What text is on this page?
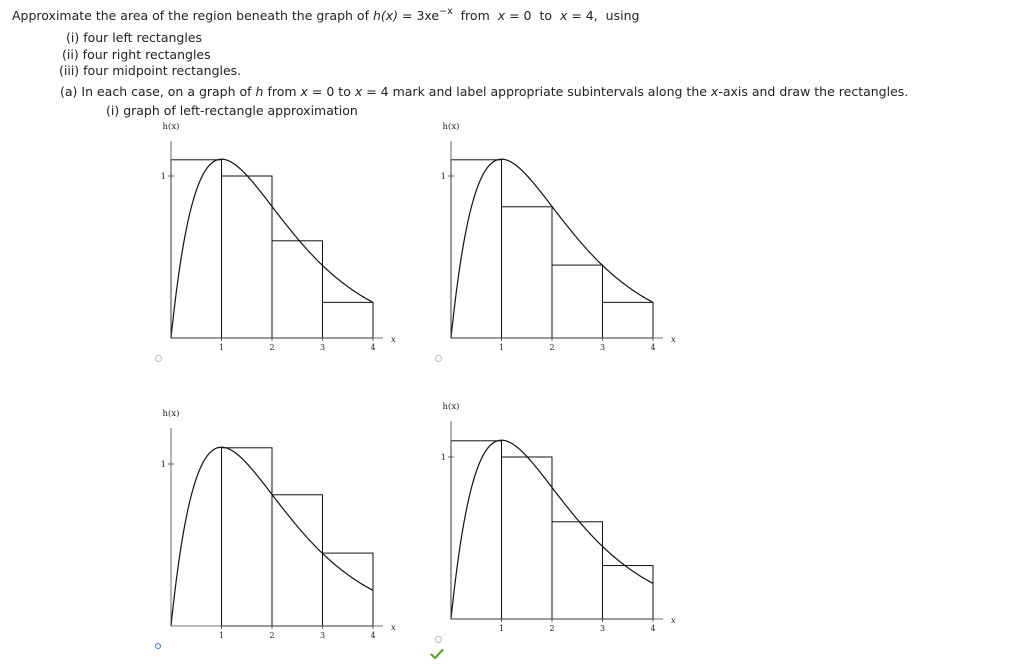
Approximate the area of the region beneath the graph of $h(x) = 3xe^{-x}$ from x = 0 to x = 4, using
(i) four left rectangles
(ii) four right rectangles
(iii) four midpoint rectangles.
(a) In each case, on a graph of h from x = 0 to x = 4 mark and label appropriate subintervals along the x-axis and draw the rectangles.
(i) graph of left-rectangle approximation
1	2	3	4
1
h(x)
x
1	2	3	4
1
h(x)
x
1	2	3	4
1
h(x)
x	1	2	3	4
1
h(x)
x
